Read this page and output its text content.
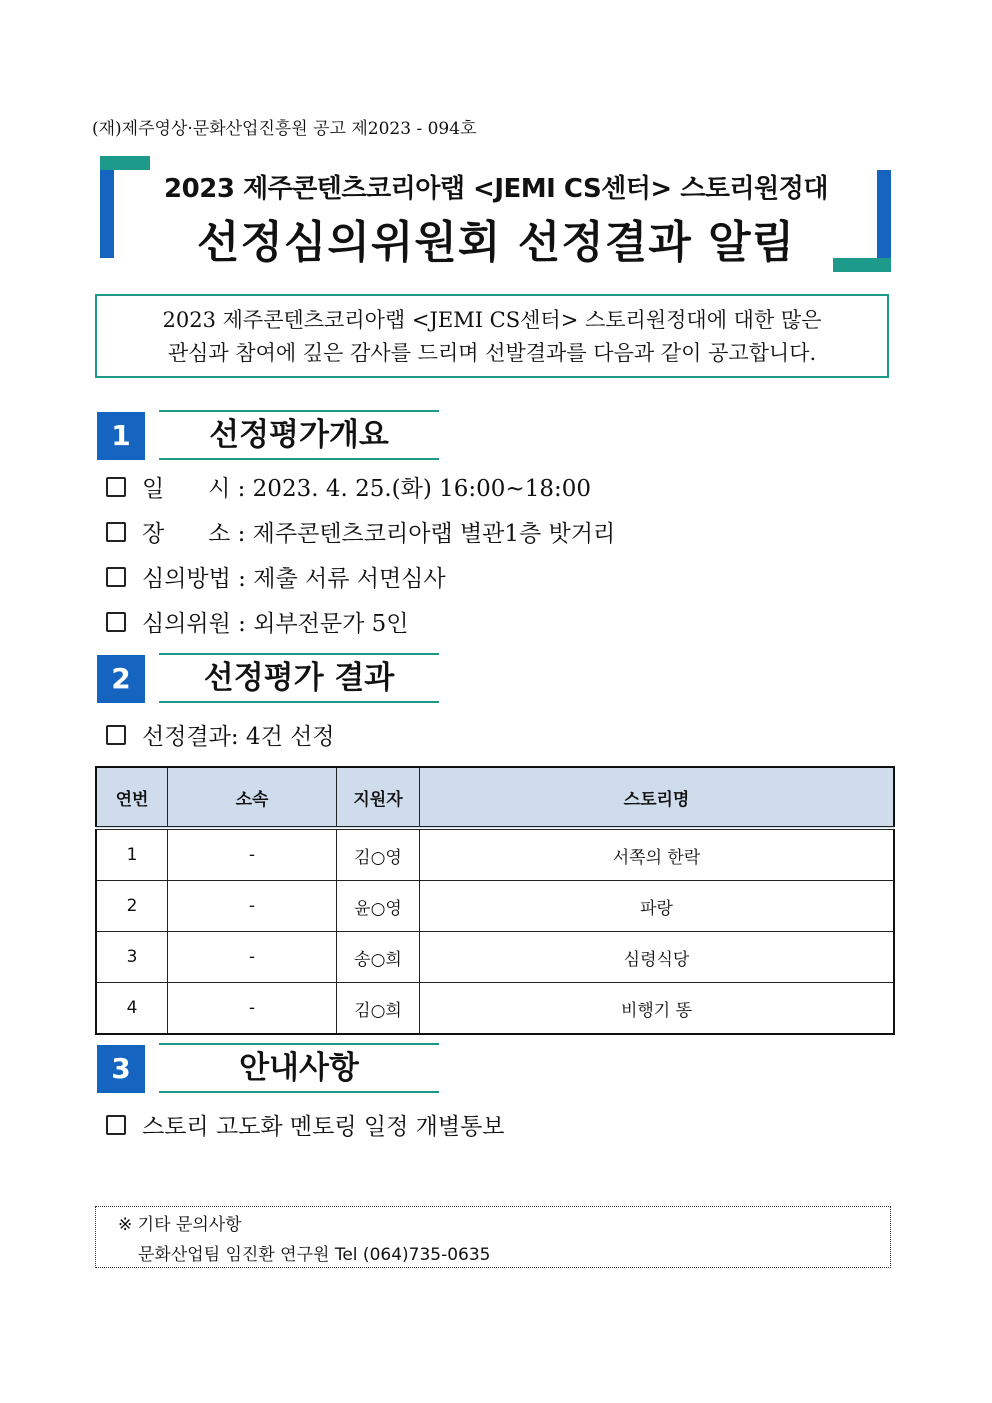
(재)제주영상·문화산업진흥원 공고 제2023 - 094호
2023 제주콘텐츠코리아랩 <JEMI CS센터> 스토리원정대
선정심의위원회 선정결과 알림
2023 제주콘텐츠코리아랩 <JEMI CS센터> 스토리원정대에 대한 많은
관심과 참여에 깊은 감사를 드리며 선발결과를 다음과 같이 공고합니다.
1	선정평가개요
일      시 : 2023. 4. 25.(화) 16:00~18:00
장      소 : 제주콘텐츠코리아랩 별관1층 밧거리
심의방법 : 제출 서류 서면심사
심의위원 : 외부전문가 5인
2	선정평가 결과
선정결과: 4건 선정
연번	소속	지원자	스토리명
1	-	김○영	서쪽의 한락
2	-	윤○영	파랑
3	-	송○희	심령식당
4	-	김○희	비행기 똥
3	안내사항
스토리 고도화 멘토링 일정 개별통보
※ 기타 문의사항
문화산업팀 임진환 연구원 Tel (064)735-0635
